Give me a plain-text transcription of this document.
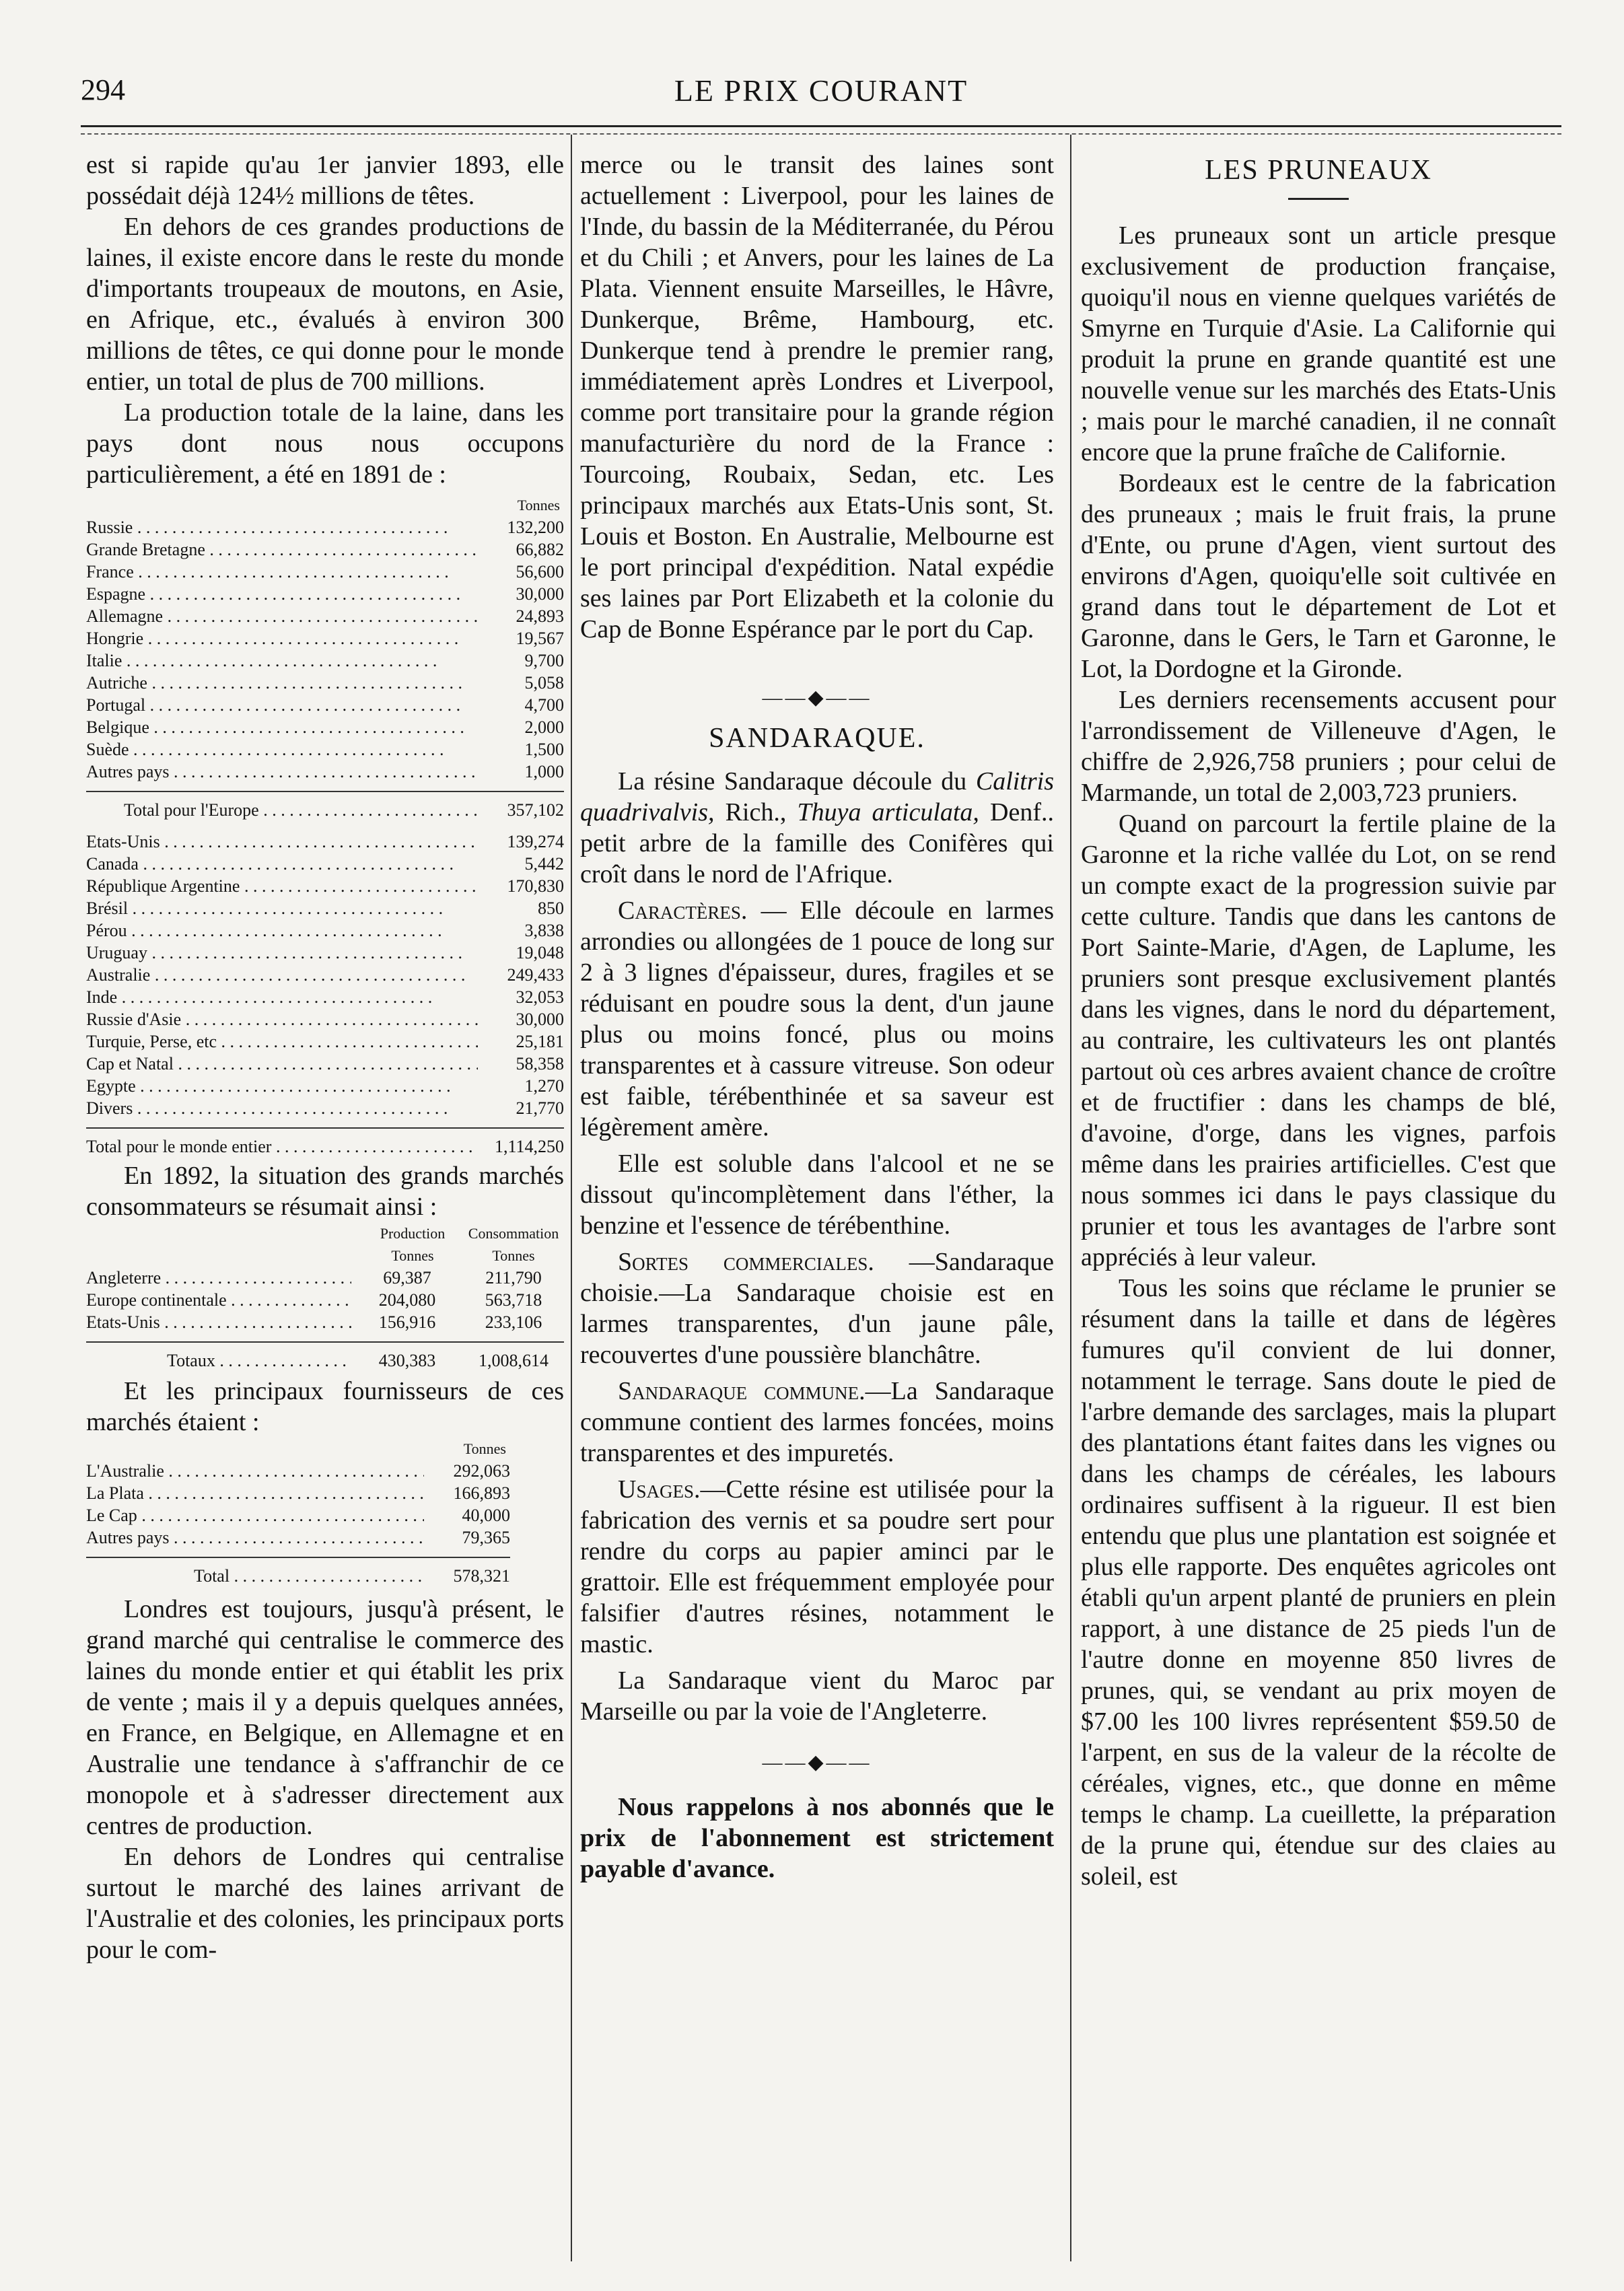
294	LE PRIX COURANT

est si rapide qu'au 1er janvier 1893, elle possédait déjà 124½ millions de têtes.

En dehors de ces grandes productions de laines, il existe encore dans le reste du monde d'importants troupeaux de moutons, en Asie, en Afrique, etc., évalués à environ 300 millions de têtes, ce qui donne pour le monde entier, un total de plus de 700 millions.

La production totale de la laine, dans les pays dont nous nous occupons particulièrement, a été en 1891 de :

Tonnes
Russie . . .	132,200
Grande Bretagne . . .	66,882
France . . .	56,600
Espagne . . .	30,000
Allemagne . . .	24,893
Hongrie . . .	19,567
Italie . . .	9,700
Autriche . . .	5,058
Portugal . . .	4,700
Belgique . . .	2,000
Suède . . .	1,500
Autres pays . . .	1,000
Total pour l'Europe . . .	357,102
Etats-Unis . . .	139,274
Canada . . .	5,442
République Argentine . . .	170,830
Brésil . . .	850
Pérou . . .	3,838
Uruguay . . .	19,048
Australie . . .	249,433
Inde . . .	32,053
Russie d'Asie . . .	30,000
Turquie, Perse, etc . . .	25,181
Cap et Natal . . .	58,358
Egypte . . .	1,270
Divers . . .	21,770
Total pour le monde entier . . .	1,114,250

En 1892, la situation des grands marchés consommateurs se résumait ainsi :

Production	Consommation
Tonnes	Tonnes
Angleterre . . .	69,387	211,790
Europe continentale . . .	204,080	563,718
Etats-Unis . . .	156,916	233,106
Totaux . . .	430,383	1,008,614

Et les principaux fournisseurs de ces marchés étaient :

Tonnes
L'Australie . . .	292,063
La Plata . . .	166,893
Le Cap . . .	40,000
Autres pays . . .	79,365
Total . . .	578,321

Londres est toujours, jusqu'à présent, le grand marché qui centralise le commerce des laines du monde entier et qui établit les prix de vente ; mais il y a depuis quelques années, en France, en Belgique, en Allemagne et en Australie une tendance à s'affranchir de ce monopole et à s'adresser directement aux centres de production.

En dehors de Londres qui centralise surtout le marché des laines arrivant de l'Australie et des colonies, les principaux ports pour le com-

merce ou le transit des laines sont actuellement : Liverpool, pour les laines de l'Inde, du bassin de la Méditerranée, du Pérou et du Chili ; et Anvers, pour les laines de La Plata. Viennent ensuite Marseilles, le Hâvre, Dunkerque, Brême, Hambourg, etc. Dunkerque tend à prendre le premier rang, immédiatement après Londres et Liverpool, comme port transitaire pour la grande région manufacturière du nord de la France : Tourcoing, Roubaix, Sedan, etc. Les principaux marchés aux Etats-Unis sont, St. Louis et Boston. En Australie, Melbourne est le port principal d'expédition. Natal expédie ses laines par Port Elizabeth et la colonie du Cap de Bonne Espérance par le port du Cap.

——◆——
SANDARAQUE.

La résine Sandaraque découle du Calitris quadrivalvis, Rich., Thuya articulata, Denf.. petit arbre de la famille des Conifères qui croît dans le nord de l'Afrique.

Caractères. — Elle découle en larmes arrondies ou allongées de 1 pouce de long sur 2 à 3 lignes d'épaisseur, dures, fragiles et se réduisant en poudre sous la dent, d'un jaune plus ou moins foncé, plus ou moins transparentes et à cassure vitreuse. Son odeur est faible, térébenthinée et sa saveur est légèrement amère.

Elle est soluble dans l'alcool et ne se dissout qu'incomplètement dans l'éther, la benzine et l'essence de térébenthine.

Sortes commerciales. —Sandaraque choisie.—La Sandaraque choisie est en larmes transparentes, d'un jaune pâle, recouvertes d'une poussière blanchâtre.

Sandaraque commune.—La Sandaraque commune contient des larmes foncées, moins transparentes et des impuretés.

Usages.—Cette résine est utilisée pour la fabrication des vernis et sa poudre sert pour rendre du corps au papier aminci par le grattoir. Elle est fréquemment employée pour falsifier d'autres résines, notamment le mastic.

La Sandaraque vient du Maroc par Marseille ou par la voie de l'Angleterre.

——◆——

Nous rappelons à nos abonnés que le prix de l'abonnement est strictement payable d'avance.

LES PRUNEAUX

Les pruneaux sont un article presque exclusivement de production française, quoiqu'il nous en vienne quelques variétés de Smyrne en Turquie d'Asie. La Californie qui produit la prune en grande quantité est une nouvelle venue sur les marchés des Etats-Unis ; mais pour le marché canadien, il ne connaît encore que la prune fraîche de Californie.

Bordeaux est le centre de la fabrication des pruneaux ; mais le fruit frais, la prune d'Ente, ou prune d'Agen, vient surtout des environs d'Agen, quoiqu'elle soit cultivée en grand dans tout le département de Lot et Garonne, dans le Gers, le Tarn et Garonne, le Lot, la Dordogne et la Gironde.

Les derniers recensements accusent pour l'arrondissement de Villeneuve d'Agen, le chiffre de 2,926,758 pruniers ; pour celui de Marmande, un total de 2,003,723 pruniers.

Quand on parcourt la fertile plaine de la Garonne et la riche vallée du Lot, on se rend un compte exact de la progression suivie par cette culture. Tandis que dans les cantons de Port Sainte-Marie, d'Agen, de Laplume, les pruniers sont presque exclusivement plantés dans les vignes, dans le nord du département, au contraire, les cultivateurs les ont plantés partout où ces arbres avaient chance de croître et de fructifier : dans les champs de blé, d'avoine, d'orge, dans les vignes, parfois même dans les prairies artificielles. C'est que nous sommes ici dans le pays classique du prunier et tous les avantages de l'arbre sont appréciés à leur valeur.

Tous les soins que réclame le prunier se résument dans la taille et dans de légères fumures qu'il convient de lui donner, notamment le terrage. Sans doute le pied de l'arbre demande des sarclages, mais la plupart des plantations étant faites dans les vignes ou dans les champs de céréales, les labours ordinaires suffisent à la rigueur. Il est bien entendu que plus une plantation est soignée et plus elle rapporte. Des enquêtes agricoles ont établi qu'un arpent planté de pruniers en plein rapport, à une distance de 25 pieds l'un de l'autre donne en moyenne 850 livres de prunes, qui, se vendant au prix moyen de $7.00 les 100 livres représentent $59.50 de l'arpent, en sus de la valeur de la récolte de céréales, vignes, etc., que donne en même temps le champ. La cueillette, la préparation de la prune qui, étendue sur des claies au soleil, est
